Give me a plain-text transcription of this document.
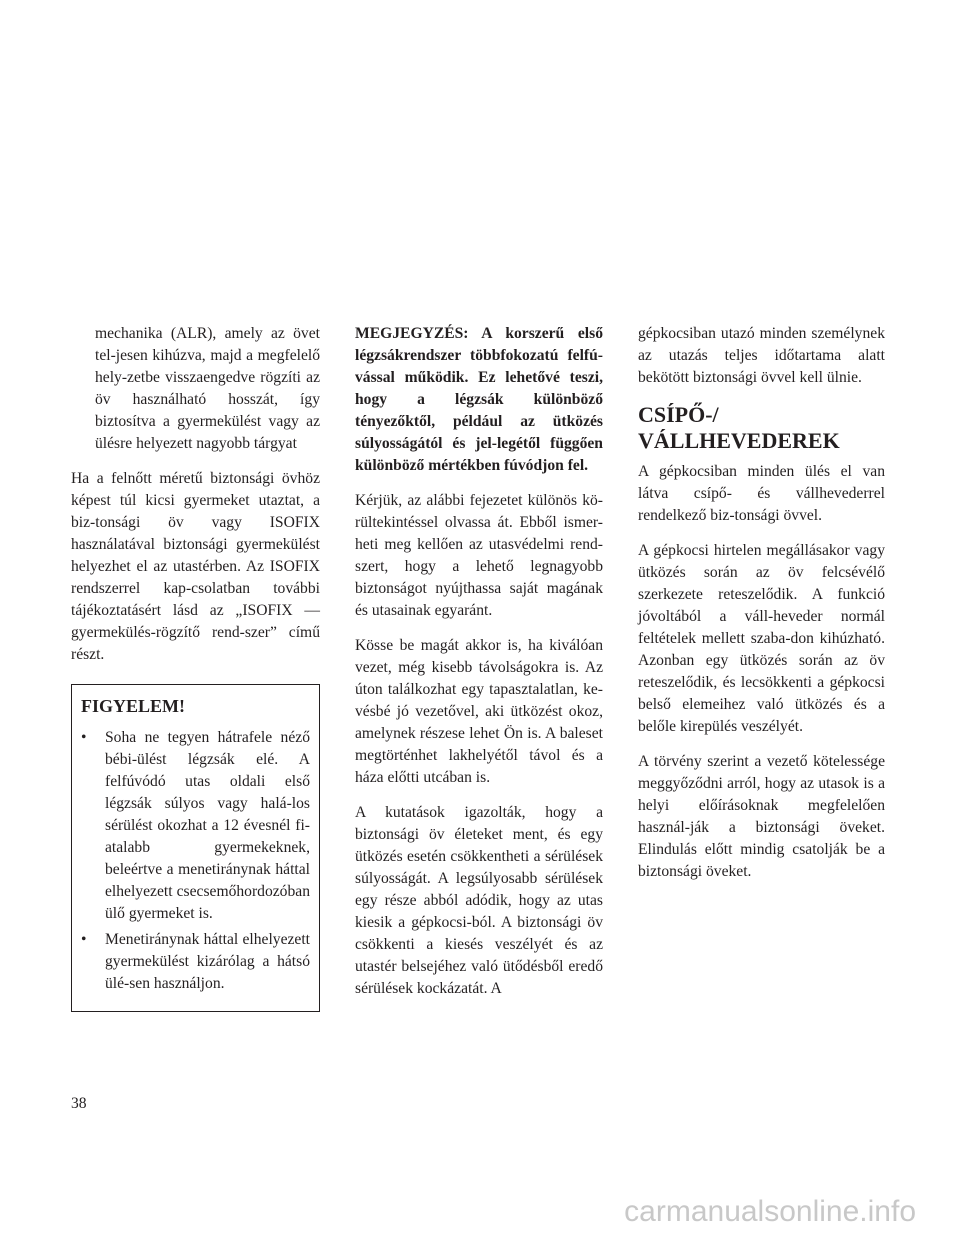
mechanika (ALR), amely az övet tel-jesen kihúzva, majd a megfelelő hely-zetbe visszaengedve rögzíti az öv használható hosszát, így biztosítva a gyermekülést vagy az ülésre helyezett nagyobb tárgyat

Ha a felnőtt méretű biztonsági övhöz képest túl kicsi gyermeket utaztat, a biz-tonsági öv vagy ISOFIX használatával biztonsági gyermekülést helyezhet el az utastérben. Az ISOFIX rendszerrel kap-csolatban további tájékoztatásért lásd az „ISOFIX — gyermekülés-rögzítő rend-szer” című részt.

FIGYELEM!
• Soha ne tegyen hátrafele néző bébi-ülést légzsák elé. A felfúvódó utas oldali első légzsák súlyos vagy halá-los sérülést okozhat a 12 évesnél fi-atalabb gyermekeknek, beleértve a menetiránynak háttal elhelyezett csecsemőhordozóban ülő gyermeket is.
• Menetiránynak háttal elhelyezett gyermekülést kizárólag a hátsó ülé-sen használjon.

MEGJEGYZÉS: A korszerű első légzsákrendszer többfokozatú felfú-vással működik. Ez lehetővé teszi, hogy a légzsák különböző tényezőktől, például az ütközés súlyosságától és jel-legétől függően különböző mértékben fúvódjon fel.

Kérjük, az alábbi fejezetet különös kö-rültekintéssel olvassa át. Ebből ismer-heti meg kellően az utasvédelmi rend-szert, hogy a lehető legnagyobb biztonságot nyújthassa saját magának és utasainak egyaránt.

Kösse be magát akkor is, ha kiválóan vezet, még kisebb távolságokra is. Az úton találkozhat egy tapasztalatlan, ke-vésbé jó vezetővel, aki ütközést okoz, amelynek részese lehet Ön is. A baleset megtörténhet lakhelyétől távol és a háza előtti utcában is.

A kutatások igazolták, hogy a biztonsági öv életeket ment, és egy ütközés esetén csökkentheti a sérülések súlyosságát. A legsúlyosabb sérülések egy része abból adódik, hogy az utas kiesik a gépkocsi-ból. A biztonsági öv csökkenti a kiesés veszélyét és az utastér belsejéhez való ütődésből eredő sérülések kockázatát. A

gépkocsiban utazó minden személynek az utazás teljes időtartama alatt bekötött biztonsági övvel kell ülnie.

CSÍPŐ-/ VÁLLHEVEDEREK

A gépkocsiban minden ülés el van látva csípő- és vállhevederrel rendelkező biz-tonsági övvel.

A gépkocsi hirtelen megállásakor vagy ütközés során az öv felcsévélő szerkezete reteszelődik. A funkció jóvoltából a váll-heveder normál feltételek mellett szaba-don kihúzható. Azonban egy ütközés során az öv reteszelődik, és lecsökkenti a gépkocsi belső elemeihez való ütközés és a belőle kirepülés veszélyét.

A törvény szerint a vezető kötelessége meggyőződni arról, hogy az utasok is a helyi előírásoknak megfelelően használ-ják a biztonsági öveket. Elindulás előtt mindig csatolják be a biztonsági öveket.

38
carmanualsonline.info
